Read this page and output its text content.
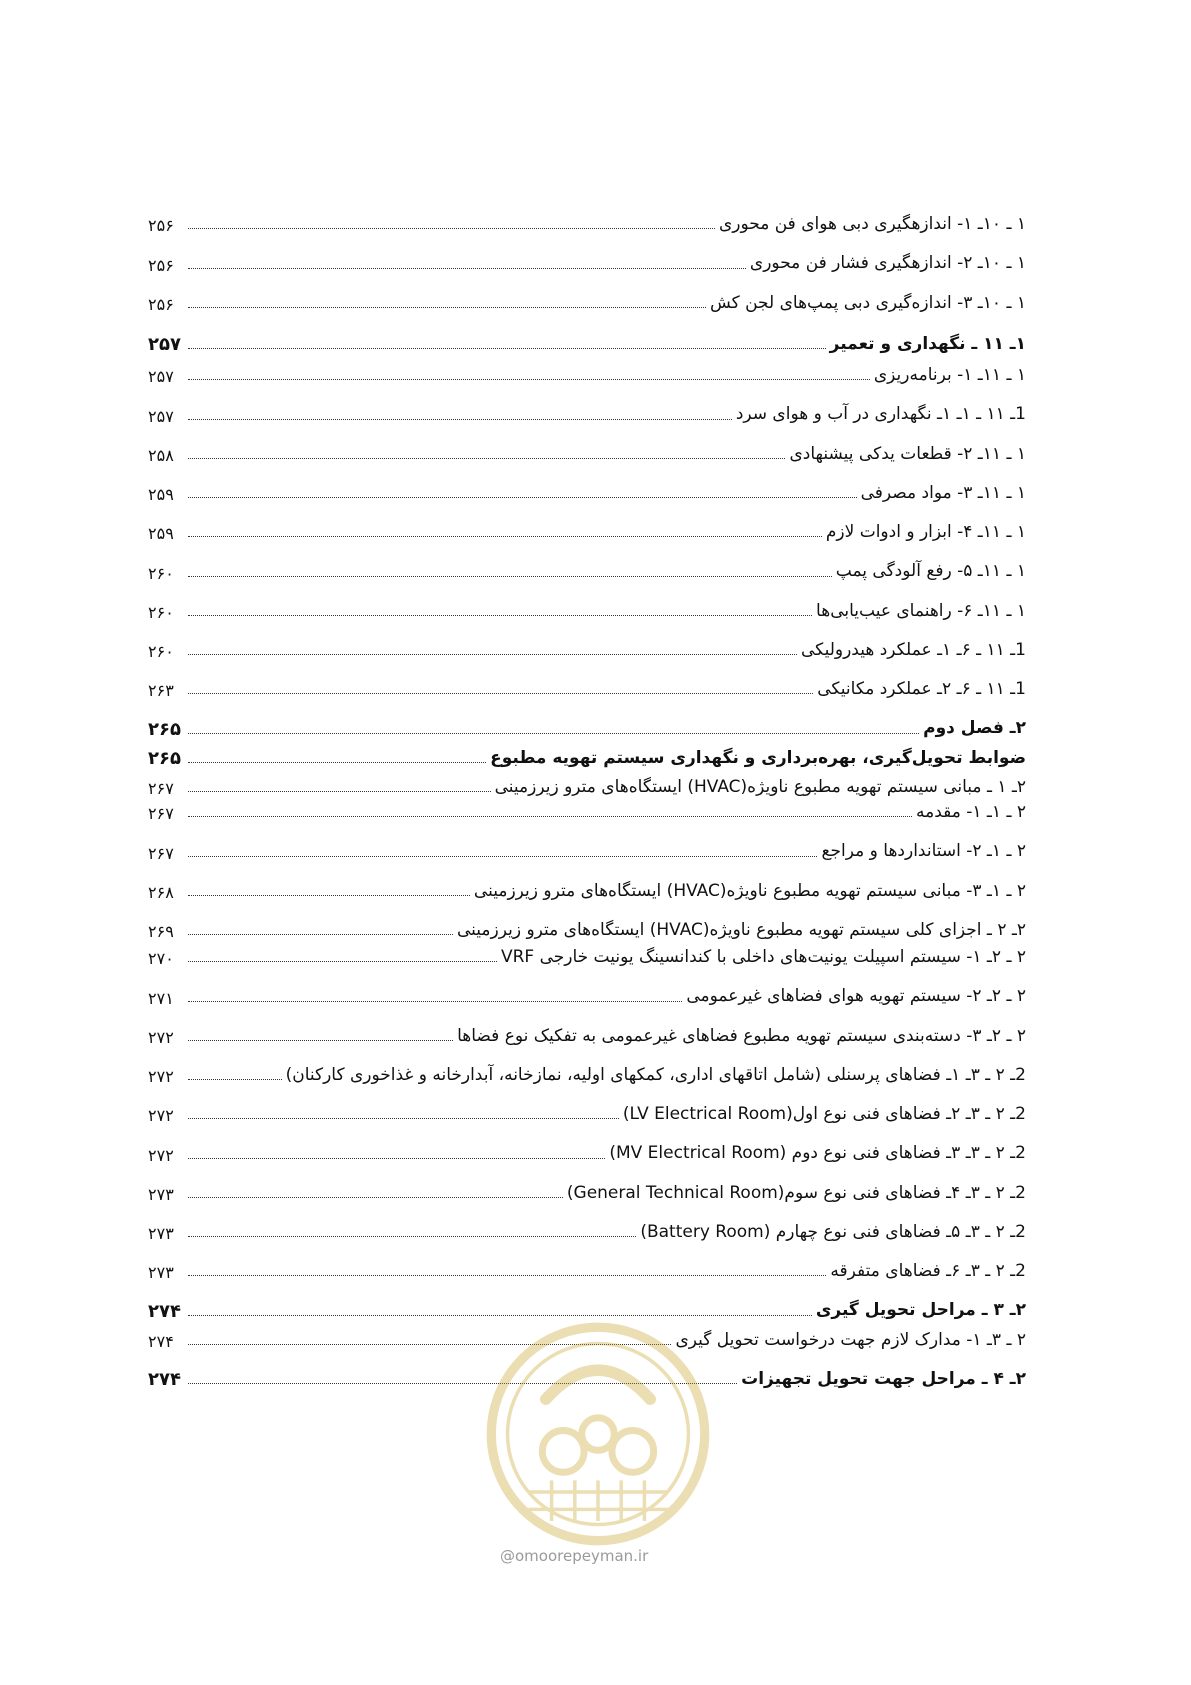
۱ ـ ۱۰ـ ۱- اندازهگیری دبی هوای فن محوری
۲۵۶
۱ ـ ۱۰ـ ۲- اندازهگیری فشار فن محوری
۲۵۶
۱ ـ ۱۰ـ ۳- اندازه‌گیری دبی پمپ‌های لجن کش
۲۵۶
۱ـ ۱۱ ـ نگهداری و تعمیر
۲۵۷
۱ ـ ۱۱ـ ۱- برنامه‌ریزی
۲۵۷
1ـ ۱۱ ـ ۱ـ ۱ـ نگهداری در آب و هوای سرد
۲۵۷
۱ ـ ۱۱ـ ۲- قطعات یدکی پیشنهادی
۲۵۸
۱ ـ ۱۱ـ ۳- مواد مصرفی
۲۵۹
۱ ـ ۱۱ـ ۴- ابزار و ادوات لازم
۲۵۹
۱ ـ ۱۱ـ ۵- رفع آلودگی پمپ
۲۶۰
۱ ـ ۱۱ـ ۶- راهنمای عیب‌یابی‌ها
۲۶۰
1ـ ۱۱ ـ ۶ـ ۱ـ عملکرد هیدرولیکی
۲۶۰
1ـ ۱۱ ـ ۶ـ ۲ـ عملکرد مکانیکی
۲۶۳
۲ـ فصل دوم
۲۶۵
ضوابط تحویل‌گیری، بهره‌برداری و نگهداری سیستم تهویه مطبوع
۲۶۵
۲ـ ۱ ـ مبانی سیستم تهویه مطبوع ناویژه(HVAC) ایستگاه‌های مترو زیرزمینی
۲۶۷
۲ ـ ۱ـ ۱- مقدمه
۲۶۷
۲ ـ ۱ـ ۲- استانداردها و مراجع
۲۶۷
۲ ـ ۱ـ ۳- مبانی سیستم تهویه مطبوع ناویژه(HVAC) ایستگاه‌های مترو زیرزمینی
۲۶۸
۲ـ ۲ ـ اجزای کلی سیستم تهویه مطبوع ناویژه(HVAC) ایستگاه‌های مترو زیرزمینی
۲۶۹
۲ ـ ۲ـ ۱- سیستم اسپیلت یونیت‌های داخلی با کندانسینگ یونیت خارجی VRF
۲۷۰
۲ ـ ۲ـ ۲- سیستم تهویه هوای فضاهای غیرعمومی
۲۷۱
۲ ـ ۲ـ ۳- دسته‌بندی سیستم تهویه مطبوع فضاهای غیرعمومی به تفکیک نوع فضاها
۲۷۲
2ـ ۲ ـ ۳ـ ۱ـ فضاهای پرسنلی (شامل اتاقهای اداری، کمکهای اولیه، نمازخانه، آبدارخانه و غذاخوری کارکنان)
۲۷۲
2ـ ۲ ـ ۳ـ ۲ـ فضاهای فنی نوع اول(LV Electrical Room)
۲۷۲
2ـ ۲ ـ ۳ـ ۳ـ فضاهای فنی نوع دوم (MV Electrical Room)
۲۷۲
2ـ ۲ ـ ۳ـ ۴ـ فضاهای فنی نوع سوم(General Technical Room)
۲۷۳
2ـ ۲ ـ ۳ـ ۵ـ فضاهای فنی نوع چهارم (Battery Room)
۲۷۳
2ـ ۲ ـ ۳ـ ۶ـ فضاهای متفرقه
۲۷۳
۲ـ ۳ ـ مراحل تحویل گیری
۲۷۴
۲ ـ ۳ـ ۱- مدارک لازم جهت درخواست تحویل گیری
۲۷۴
۲ـ ۴ ـ مراحل جهت تحویل تجهیزات
۲۷۴
@omoorepeyman.ir
